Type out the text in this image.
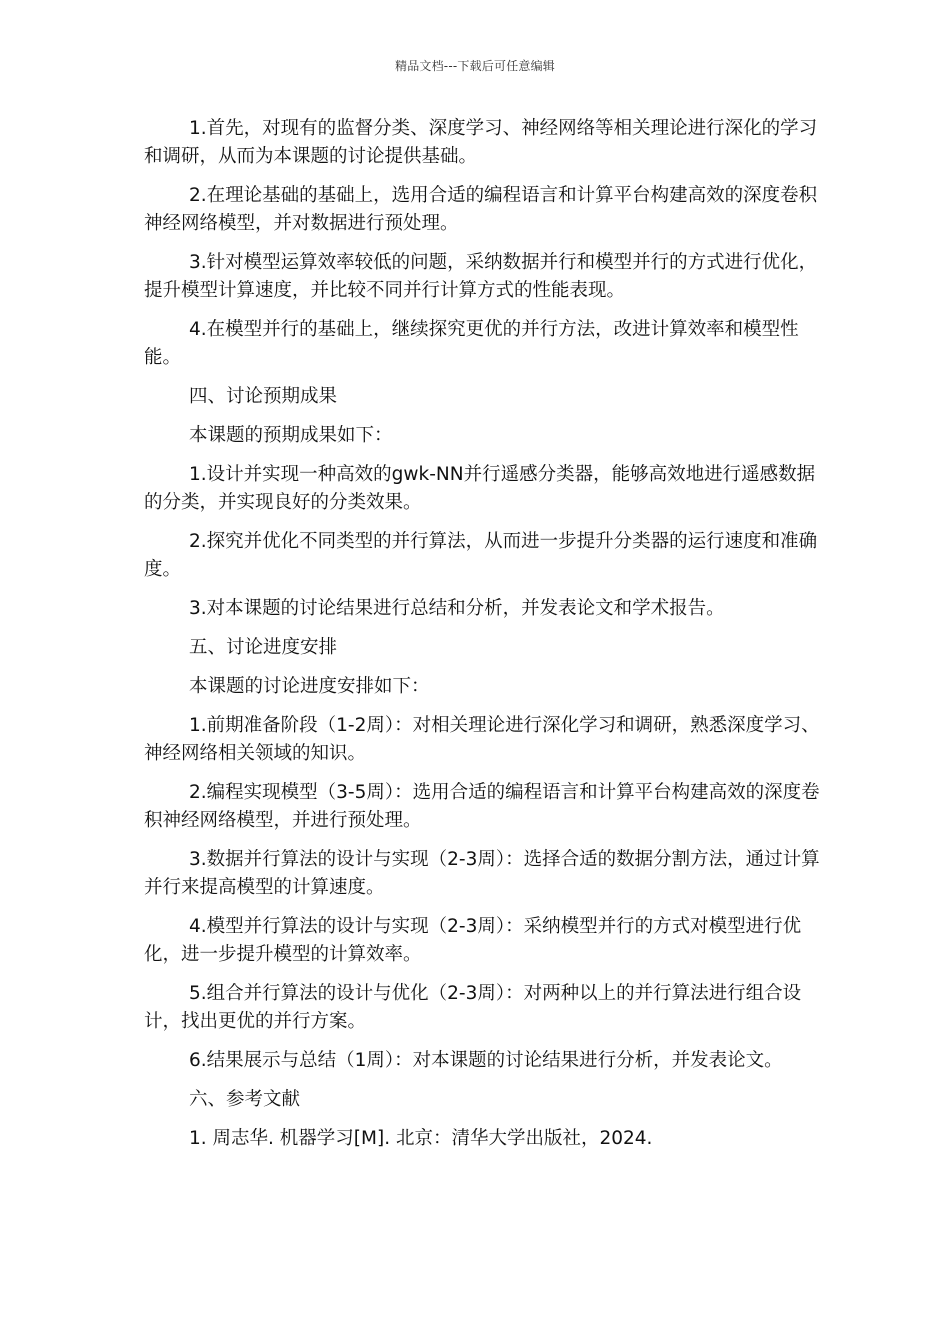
精品文档---下载后可任意编辑

1.首先，对现有的监督分类、深度学习、神经网络等相关理论进行深化的学习和调研，从而为本课题的讨论提供基础。

2.在理论基础的基础上，选用合适的编程语言和计算平台构建高效的深度卷积神经网络模型，并对数据进行预处理。

3.针对模型运算效率较低的问题，采纳数据并行和模型并行的方式进行优化，提升模型计算速度，并比较不同并行计算方式的性能表现。

4.在模型并行的基础上，继续探究更优的并行方法，改进计算效率和模型性能。

四、讨论预期成果

本课题的预期成果如下：

1.设计并实现一种高效的gwk-NN并行遥感分类器，能够高效地进行遥感数据的分类，并实现良好的分类效果。

2.探究并优化不同类型的并行算法，从而进一步提升分类器的运行速度和准确度。

3.对本课题的讨论结果进行总结和分析，并发表论文和学术报告。

五、讨论进度安排

本课题的讨论进度安排如下：

1.前期准备阶段（1-2周）：对相关理论进行深化学习和调研，熟悉深度学习、神经网络相关领域的知识。

2.编程实现模型（3-5周）：选用合适的编程语言和计算平台构建高效的深度卷积神经网络模型，并进行预处理。

3.数据并行算法的设计与实现（2-3周）：选择合适的数据分割方法，通过计算并行来提高模型的计算速度。

4.模型并行算法的设计与实现（2-3周）：采纳模型并行的方式对模型进行优化，进一步提升模型的计算效率。

5.组合并行算法的设计与优化（2-3周）：对两种以上的并行算法进行组合设计，找出更优的并行方案。

6.结果展示与总结（1周）：对本课题的讨论结果进行分析，并发表论文。

六、参考文献

1. 周志华. 机器学习[M]. 北京：清华大学出版社，2024.
